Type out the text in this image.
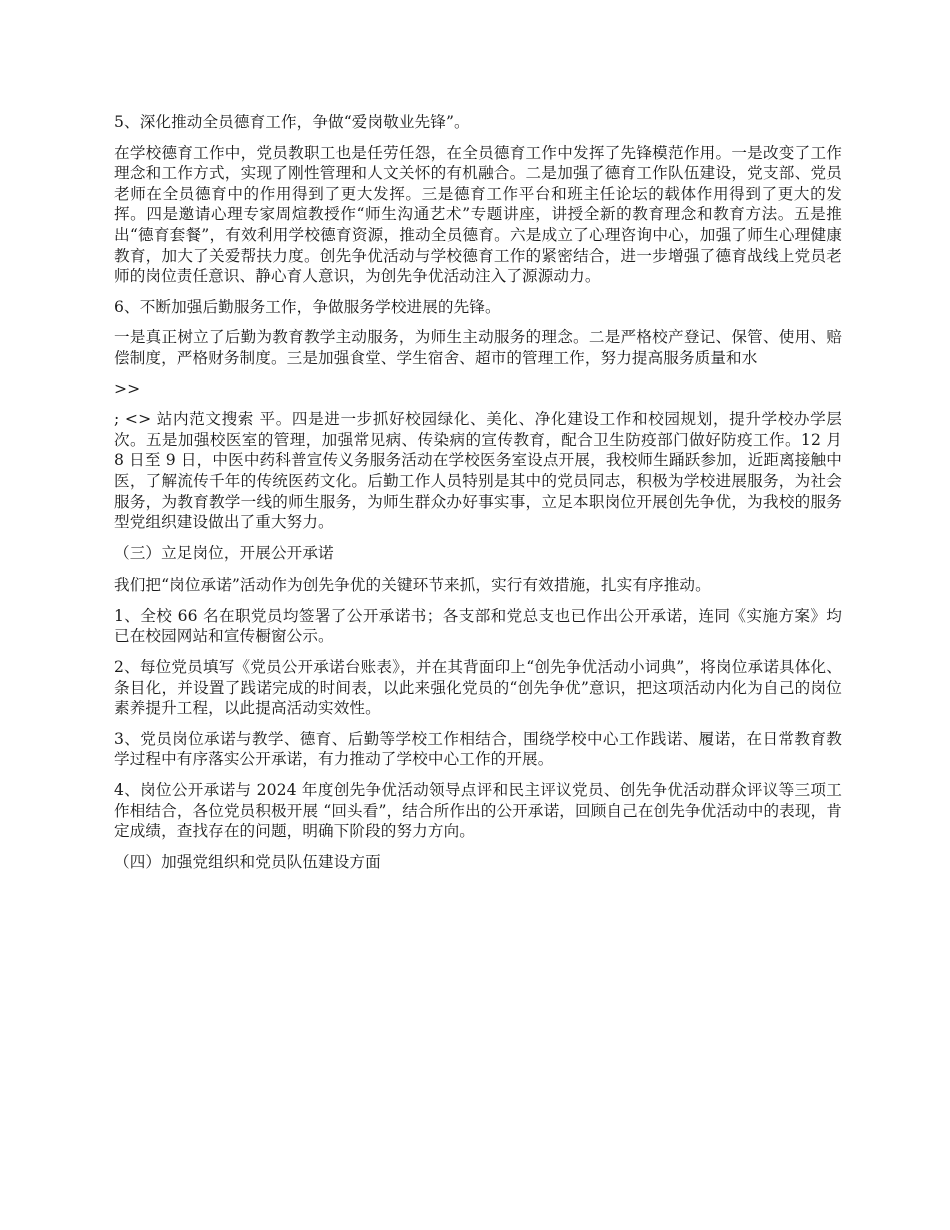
5、深化推动全员德育工作，争做“爱岗敬业先锋”。

在学校德育工作中，党员教职工也是任劳任怨，在全员德育工作中发挥了先锋模范作用。一是改变了工作理念和工作方式，实现了刚性管理和人文关怀的有机融合。二是加强了德育工作队伍建设，党支部、党员老师在全员德育中的作用得到了更大发挥。三是德育工作平台和班主任论坛的载体作用得到了更大的发挥。四是邀请心理专家周煊教授作“师生沟通艺术”专题讲座，讲授全新的教育理念和教育方法。五是推出“德育套餐”，有效利用学校德育资源，推动全员德育。六是成立了心理咨询中心，加强了师生心理健康教育，加大了关爱帮扶力度。创先争优活动与学校德育工作的紧密结合，进一步增强了德育战线上党员老师的岗位责任意识、静心育人意识，为创先争优活动注入了源源动力。

6、不断加强后勤服务工作，争做服务学校进展的先锋。

一是真正树立了后勤为教育教学主动服务，为师生主动服务的理念。二是严格校产登记、保管、使用、赔偿制度，严格财务制度。三是加强食堂、学生宿舍、超市的管理工作，努力提高服务质量和水

>>

; <> 站内范文搜索 平。四是进一步抓好校园绿化、美化、净化建设工作和校园规划，提升学校办学层次。五是加强校医室的管理，加强常见病、传染病的宣传教育，配合卫生防疫部门做好防疫工作。12 月 8 日至 9 日，中医中药科普宣传义务服务活动在学校医务室设点开展，我校师生踊跃参加，近距离接触中医，了解流传千年的传统医药文化。后勤工作人员特别是其中的党员同志，积极为学校进展服务，为社会服务，为教育教学一线的师生服务，为师生群众办好事实事，立足本职岗位开展创先争优，为我校的服务型党组织建设做出了重大努力。

（三）立足岗位，开展公开承诺

我们把“岗位承诺”活动作为创先争优的关键环节来抓，实行有效措施，扎实有序推动。

1、全校 66 名在职党员均签署了公开承诺书；各支部和党总支也已作出公开承诺，连同《实施方案》均已在校园网站和宣传橱窗公示。

2、每位党员填写《党员公开承诺台账表》，并在其背面印上“创先争优活动小词典”，将岗位承诺具体化、条目化，并设置了践诺完成的时间表，以此来强化党员的“创先争优”意识，把这项活动内化为自己的岗位素养提升工程，以此提高活动实效性。

3、党员岗位承诺与教学、德育、后勤等学校工作相结合，围绕学校中心工作践诺、履诺，在日常教育教学过程中有序落实公开承诺，有力推动了学校中心工作的开展。

4、岗位公开承诺与 2024 年度创先争优活动领导点评和民主评议党员、创先争优活动群众评议等三项工作相结合，各位党员积极开展 “回头看”，结合所作出的公开承诺，回顾自己在创先争优活动中的表现，肯定成绩，查找存在的问题，明确下阶段的努力方向。

（四）加强党组织和党员队伍建设方面
